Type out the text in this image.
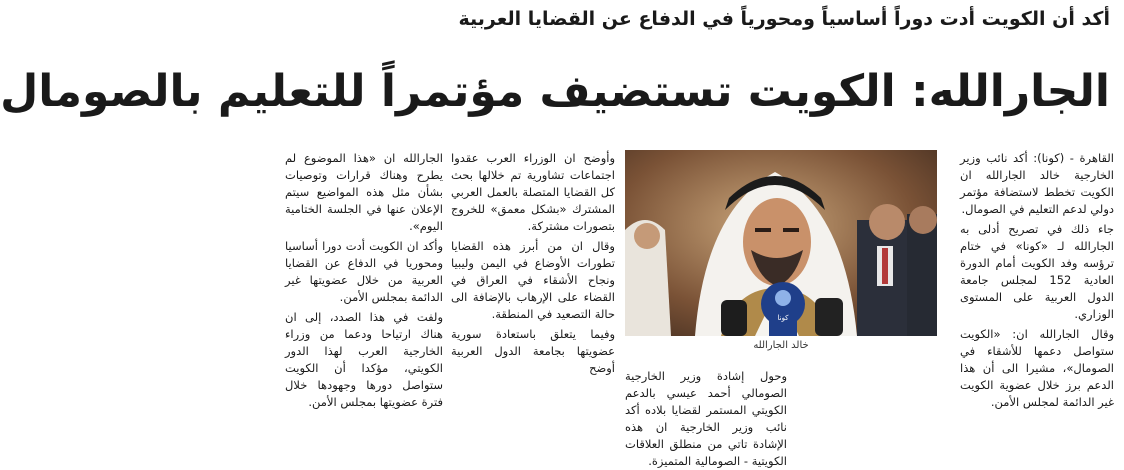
أكد أن الكويت أدت دوراً أساسياً ومحورياً في الدفاع عن القضايا العربية
الجارالله: الكويت تستضيف مؤتمراً للتعليم بالصومال

القاهرة - (كونا): أكد نائب وزير الخارجية خالد الجارالله ان الكويت تخطط لاستضافة مؤتمر دولي لدعم التعليم في الصومال.

جاء ذلك في تصريح أدلى به الجارالله لـ «كونا» في ختام ترؤسه وفد الكويت أمام الدورة العادية 152 لمجلس جامعة الدول العربية على المستوى الوزاري.

وقال الجارالله ان: «الكويت ستواصل دعمها للأشقاء في الصومال»، مشيرا الى أن هذا الدعم برز خلال عضوية الكويت غير الدائمة لمجلس الأمن.

كونا
خالد الجارالله

وحول إشادة وزير الخارجية الصومالي أحمد عيسي بالدعم الكويتي المستمر لقضايا بلاده أكد نائب وزير الخارجية ان هذه الإشادة تاتي من منطلق العلاقات الكويتية - الصومالية المتميزة.

وأوضح ان الوزراء العرب عقدوا اجتماعات تشاورية تم خلالها بحث كل القضايا المتصلة بالعمل العربي المشترك «بشكل معمق» للخروج بتصورات مشتركة.

وقال ان من أبرز هذه القضايا تطورات الأوضاع في اليمن وليبيا ونجاح الأشقاء في العراق في القضاء على الإرهاب بالإضافة الى حالة التصعيد في المنطقة.

وفيما يتعلق باستعادة سورية عضويتها بجامعة الدول العربية أوضح

الجارالله ان «هذا الموضوع لم يطرح وهناك قرارات وتوصيات بشأن مثل هذه المواضيع سيتم الإعلان عنها في الجلسة الختامية اليوم».

وأكد ان الكويت أدت دورا أساسيا ومحوريا في الدفاع عن القضايا العربية من خلال عضويتها غير الدائمة بمجلس الأمن.

ولفت في هذا الصدد، إلى ان هناك ارتياحا ودعما من وزراء الخارجية العرب لهذا الدور الكويتي، مؤكدا أن الكويت ستواصل دورها وجهودها خلال فترة عضويتها بمجلس الأمن.
